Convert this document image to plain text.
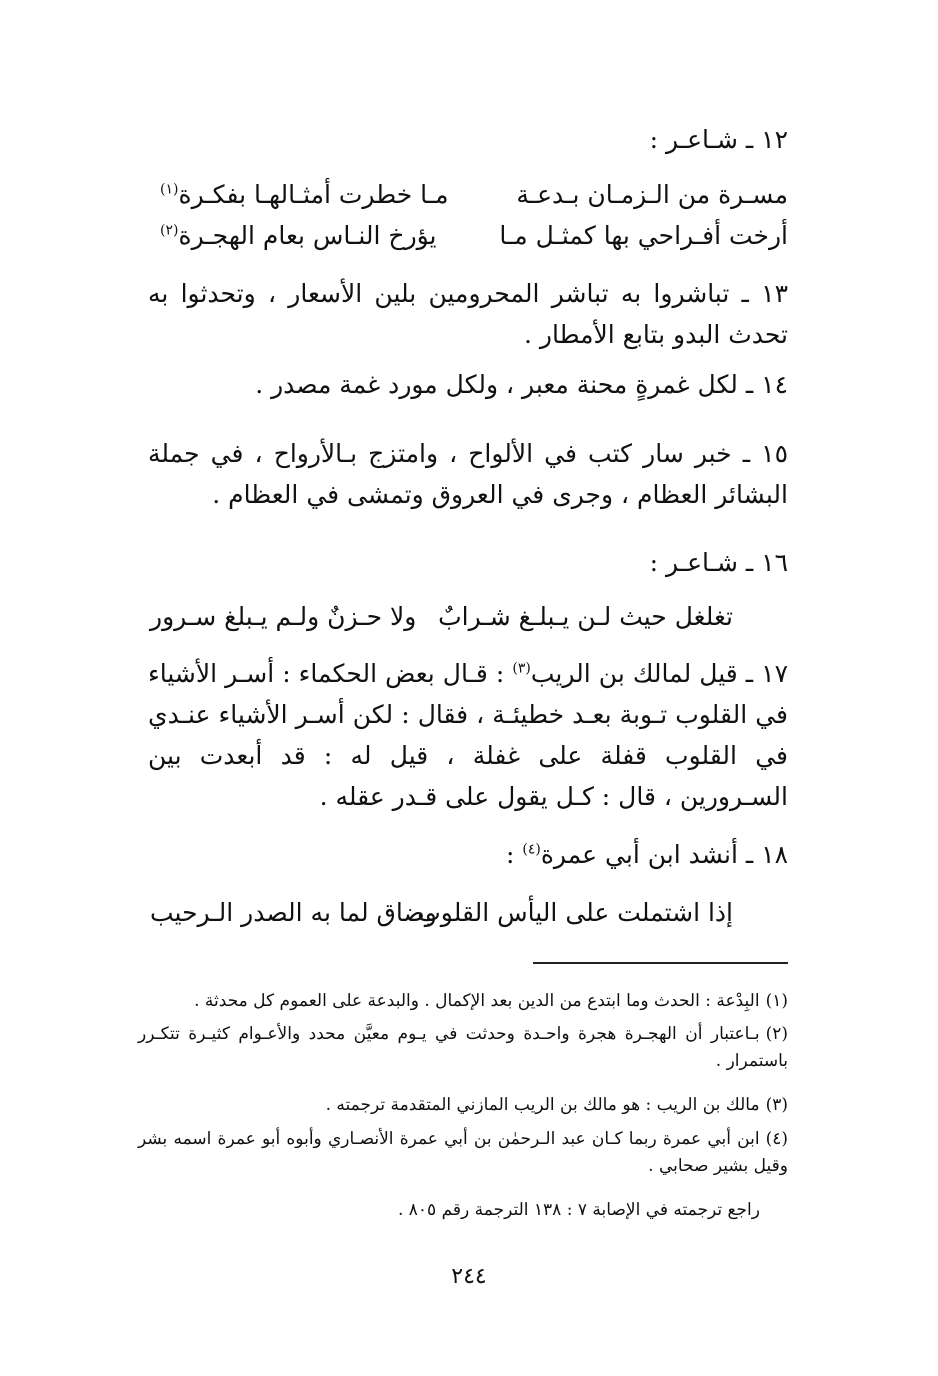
١٢ ـ شـاعـر :
مسـرة من الـزمـان بـدعـة
مـا خطرت أمثـالهـا بفكـرة$^{(١)}$
أرخت أفـراحي بها كمثـل مـا
يؤرخ النـاس بعام الهجـرة$^{(٢)}$
١٣ ـ تباشروا به تباشر المحرومين بلين الأسعار ، وتحدثوا به تحدث البدو بتابع الأمطار .
١٤ ـ لكل غمرةٍ محنة معبر ، ولكل مورد غمة مصدر .
١٥ ـ خبر سار كتب في الألواح ، وامتزج بـالأرواح ، في جملة البشائر العظام ، وجرى في العروق وتمشى في العظام .
١٦ ـ شـاعـر :
تغلغل حيث لـن يـبلـغ شـرابٌ
ولا حـزنٌ ولـم يـبلغ سـرور
١٧ ـ قيل لمالك بن الريب$^{(٣)}$ : قـال بعض الحكماء : أسـر الأشياء في القلوب تـوبة بعـد خطيئـة ، فقال : لكن أسـر الأشياء عنـدي في القلوب قفلة على غفلة ، قيل له : قد أبعدت بين السـرورين ، قال : كـل يقول على قـدر عقله .
١٨ ـ أنشد ابن أبي عمرة$^{(٤)}$ :
إذا اشتملت على اليأس القلوب
وضاق لما به الصدر الـرحيب
(١)البِدْعة : الحدث وما ابتدع من الدين بعد الإكمال . والبدعة على العموم كل محدثة .
(٢)بـاعتبار أن الهجـرة هجرة واحـدة وحدثت في يـوم معيَّن محدد والأعـوام كثيـرة تتكـرر باستمرار .
(٣)مالك بن الريب : هو مالك بن الريب المازني المتقدمة ترجمته .
(٤)ابن أبي عمرة ربما كـان عبد الـرحمٰن بن أبي عمرة الأنصـاري وأبوه أبو عمرة اسمه بشر وقيل بشير صحابي .
راجع ترجمته في الإصابة ٧ : ١٣٨ الترجمة رقم ٨٠٥ .
٢٤٤
